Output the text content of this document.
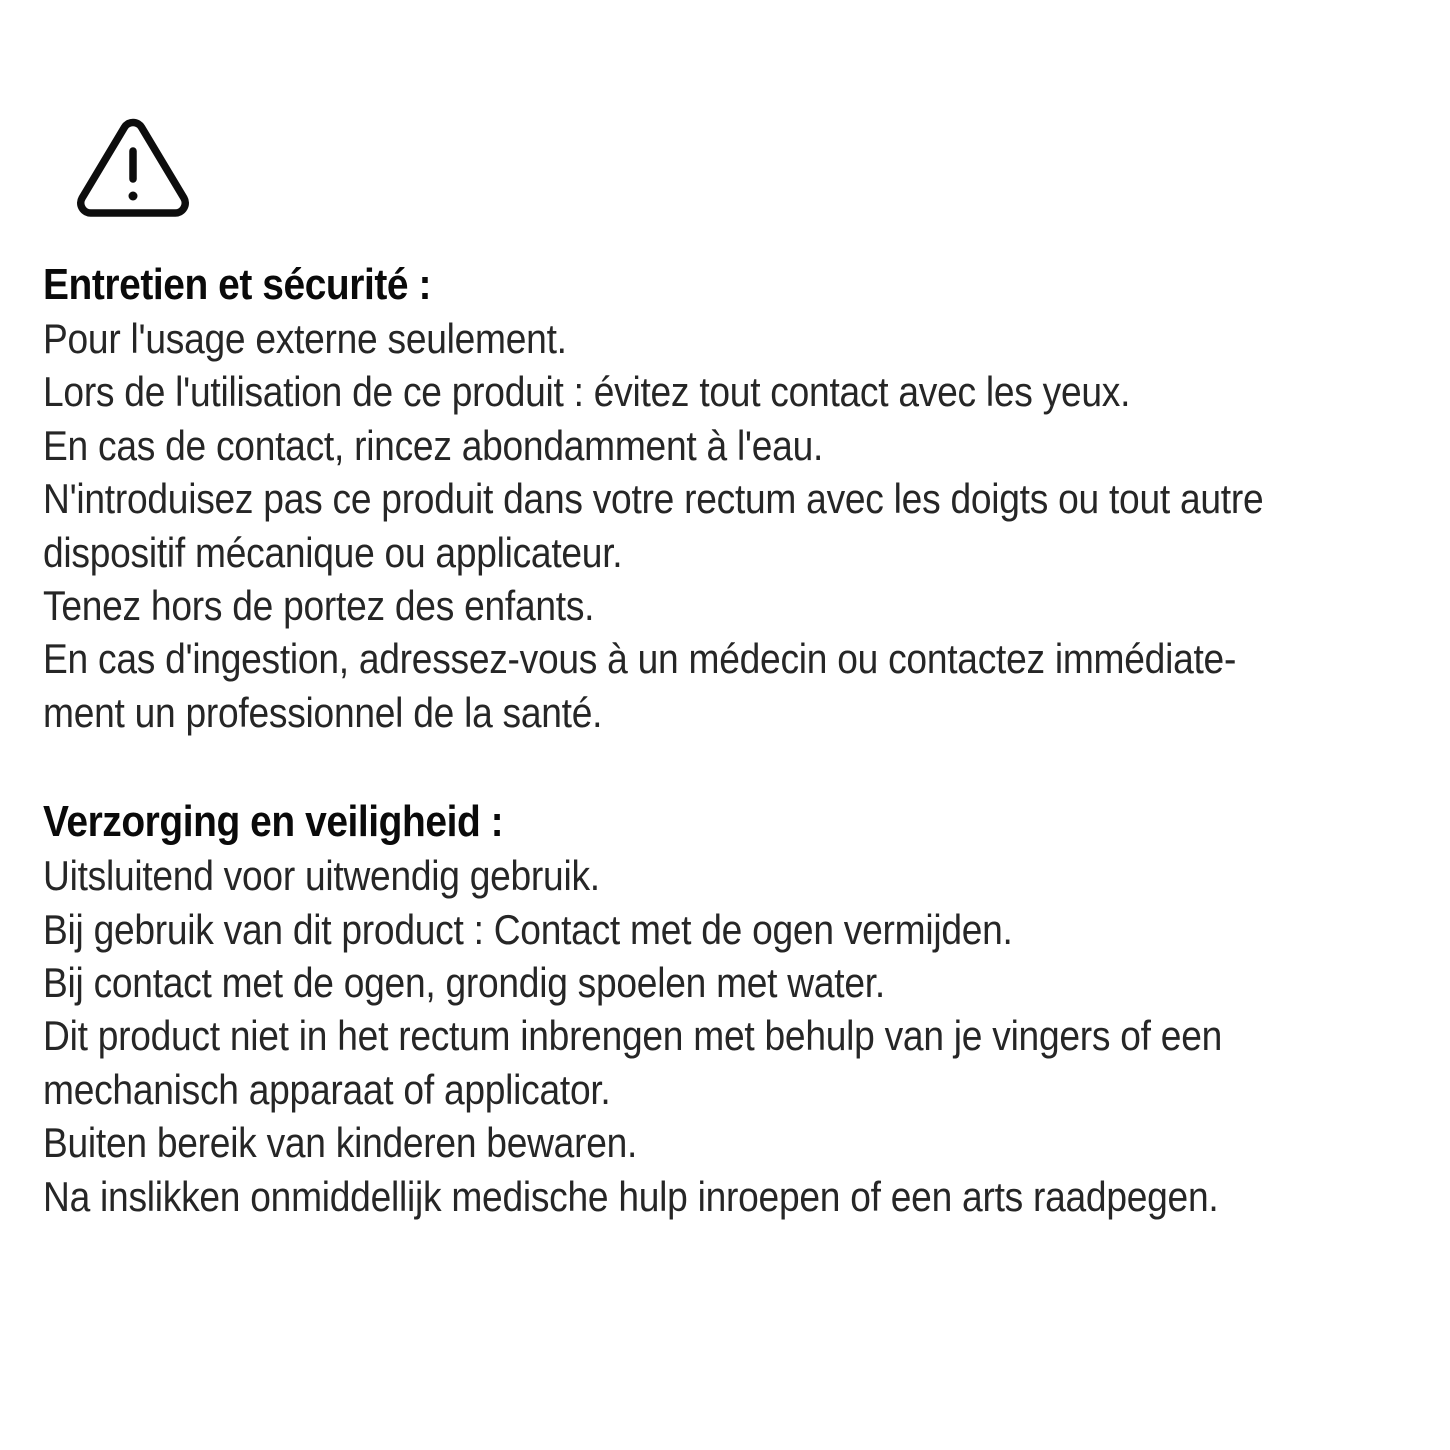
Entretien et sécurité :
Pour l'usage externe seulement.
Lors de l'utilisation de ce produit : évitez tout contact avec les yeux.
En cas de contact, rincez abondamment à l'eau.
N'introduisez pas ce produit dans votre rectum avec les doigts ou tout autre
dispositif mécanique ou applicateur.
Tenez hors de portez des enfants.
En cas d'ingestion, adressez-vous à un médecin ou contactez immédiate-
ment un professionnel de la santé.
Verzorging en veiligheid :
Uitsluitend voor uitwendig gebruik.
Bij gebruik van dit product : Contact met de ogen vermijden.
Bij contact met de ogen, grondig spoelen met water.
Dit product niet in het rectum inbrengen met behulp van je vingers of een
mechanisch apparaat of applicator.
Buiten bereik van kinderen bewaren.
Na inslikken onmiddellijk medische hulp inroepen of een arts raadpegen.
